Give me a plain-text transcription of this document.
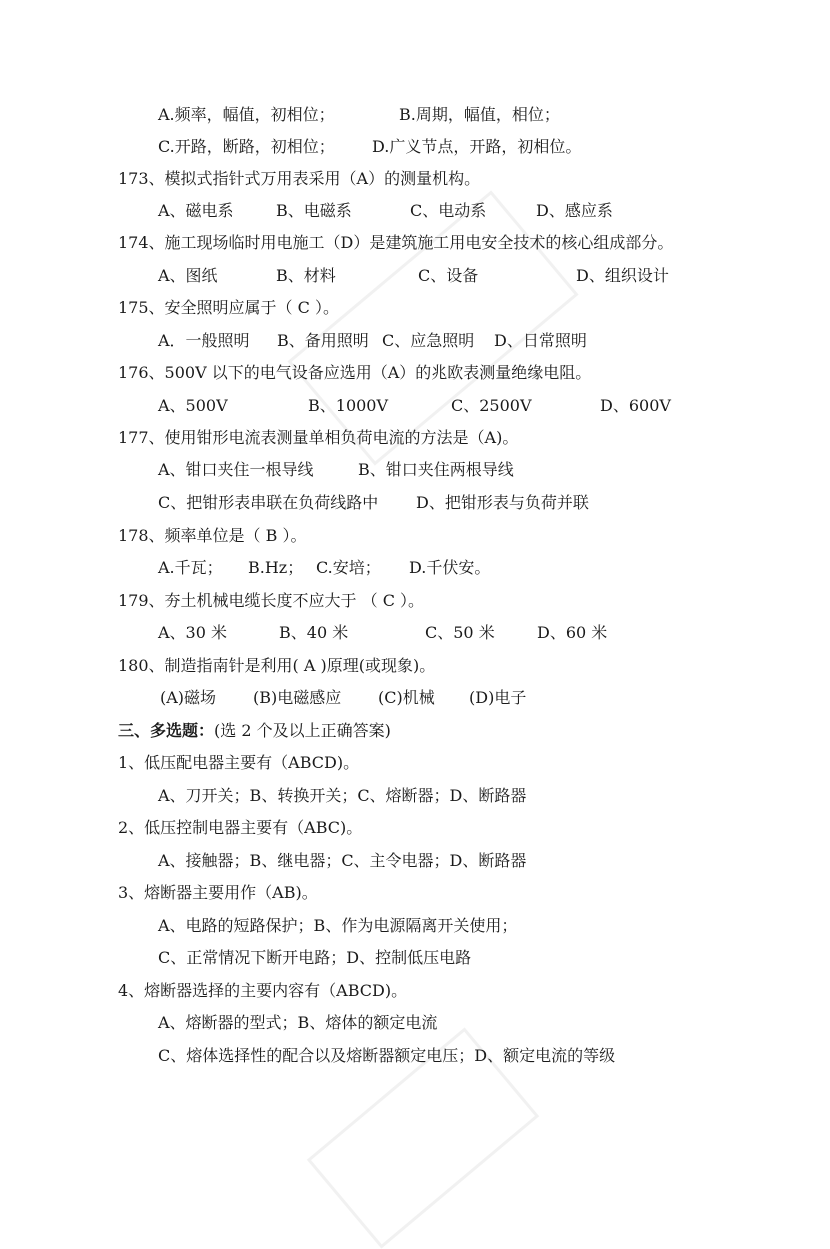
A.频率，幅值，初相位；	B.周期，幅值，相位；
C.开路，断路，初相位； D.广义节点，开路，初相位。
173、模拟式指针式万用表采用（A）的测量机构。
A、磁电系	B、电磁系	C、电动系	D、感应系
174、施工现场临时用电施工（D）是建筑施工用电安全技术的核心组成部分。
A、图纸	B、材料	C、设备	D、组织设计
175、安全照明应属于（ C ）。
A．一般照明 B、备用照明 C、应急照明 D、日常照明
176、500V 以下的电气设备应选用（A）的兆欧表测量绝缘电阻。
A、500V	B、1000V	C、2500V	D、600V
177、使用钳形电流表测量单相负荷电流的方法是（A)。
A、钳口夹住一根导线	B、钳口夹住两根导线
C、把钳形表串联在负荷线路中 D、把钳形表与负荷并联
178、频率单位是（ B ）。
A.千瓦； B.Hz； C.安培； D.千伏安。
179、夯土机械电缆长度不应大于 （ C ）。
A、30 米	B、40 米	C、50 米	D、60 米
180、制造指南针是利用( A )原理(或现象)。
(A)磁场 (B)电磁感应 (C)机械 (D)电子
三、多选题：(选 2 个及以上正确答案)
1、低压配电器主要有（ABCD)。
A、刀开关；B、转换开关；C、熔断器；D、断路器
2、低压控制电器主要有（ABC)。
A、接触器；B、继电器；C、主令电器；D、断路器
3、熔断器主要用作（AB)。
A、电路的短路保护；B、作为电源隔离开关使用；
C、正常情况下断开电路；D、控制低压电路
4、熔断器选择的主要内容有（ABCD)。
A、熔断器的型式；B、熔体的额定电流
C、熔体选择性的配合以及熔断器额定电压；D、额定电流的等级
